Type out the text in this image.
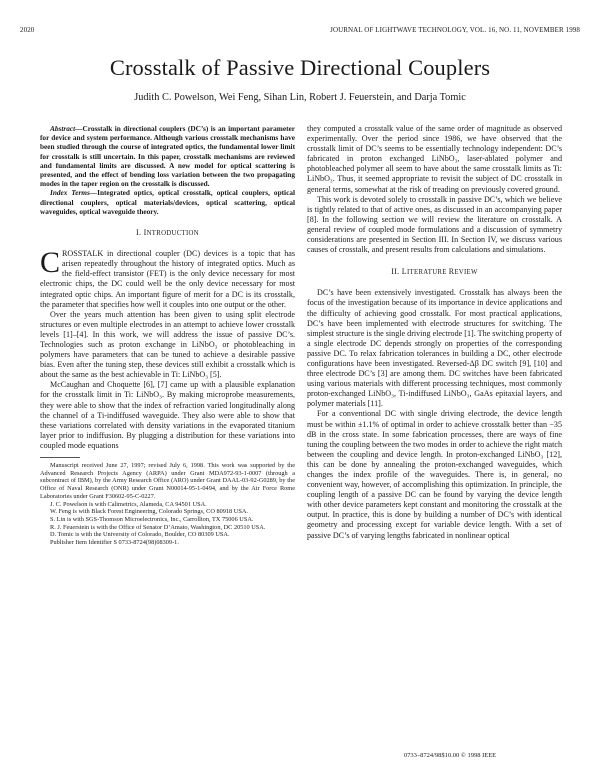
2020	JOURNAL OF LIGHTWAVE TECHNOLOGY, VOL. 16, NO. 11, NOVEMBER 1998
Crosstalk of Passive Directional Couplers
Judith C. Powelson, Wei Feng, Sihan Lin, Robert J. Feuerstein, and Darja Tomic

Abstract—Crosstalk in directional couplers (DC’s) is an important parameter for device and system performance. Although various crosstalk mechanisms have been studied through the course of integrated optics, the fundamental lower limit for crosstalk is still uncertain. In this paper, crosstalk mechanisms are reviewed and fundamental limits are discussed. A new model for optical scattering is presented, and the effect of bending loss variation between the two propagating modes in the taper region on the crosstalk is discussed.

Index Terms—Integrated optics, optical crosstalk, optical couplers, optical directional couplers, optical materials/devices, optical scattering, optical waveguides, optical waveguide theory.

I. INTRODUCTION

CROSSTALK in directional coupler (DC) devices is a topic that has arisen repeatedly throughout the history of integrated optics. Much as the field-effect transistor (FET) is the only device necessary for most electronic chips, the DC could well be the only device necessary for most integrated optic chips. An important figure of merit for a DC is its crosstalk, the parameter that specifies how well it couples into one output or the other.

Over the years much attention has been given to using split electrode structures or even multiple electrodes in an attempt to achieve lower crosstalk levels [1]–[4]. In this work, we will address the issue of passive DC’s. Technologies such as proton exchange in LiNbO₃ or photobleaching in polymers have parameters that can be tuned to achieve a desirable passive bias. Even after the tuning step, these devices still exhibit a crosstalk which is about the same as the best achievable in Ti: LiNbO₃ [5].

McCaughan and Choquette [6], [7] came up with a plausible explanation for the crosstalk limit in Ti: LiNbO₃. By making microprobe measurements, they were able to show that the index of refraction varied longitudinally along the channel of a Ti-indiffused waveguide. They also were able to show that these variations correlated with density variations in the evaporated titanium layer prior to indiffusion. By plugging a distribution for these variations into coupled mode equations

Manuscript received June 27, 1997; revised July 6, 1998. This work was supported by the Advanced Research Projects Agency (ARPA) under Grant MDA972-93-1-0007 (through a subcontract of IBM), by the Army Research Office (ARO) under Grant DAAL-03-92-G0289, by the Office of Naval Research (ONR) under Grant N00014-95-1-0494, and by the Air Force Rome Laboratories under Grant F30602-95-C-0227.

J. C. Powelson is with Calimetrics, Alameda, CA 94501 USA.

W. Feng is with Black Forest Engineering, Colorado Springs, CO 80918 USA.

S. Lin is with SGS-Thomson Microelectronics, Inc., Carrollton, TX 75006 USA.

R. J. Feuerstein is with the Office of Senator D’Amato, Washington, DC 20510 USA.

D. Tomic is with the University of Colorado, Boulder, CO 80309 USA.

Publisher Item Identifier S 0733-8724(98)08309-1.

they computed a crosstalk value of the same order of magnitude as observed experimentally. Over the period since 1986, we have observed that the crosstalk limit of DC’s seems to be essentially technology independent: DC’s fabricated in proton exchanged LiNbO₃, laser-ablated polymer and photobleached polymer all seem to have about the same crosstalk limits as Ti: LiNbO₃. Thus, it seemed appropriate to revisit the subject of DC crosstalk in general terms, somewhat at the risk of treading on previously covered ground.

This work is devoted solely to crosstalk in passive DC’s, which we believe is tightly related to that of active ones, as discussed in an accompanying paper [8]. In the following section we will review the literature on crosstalk. A general review of coupled mode formulations and a discussion of symmetry considerations are presented in Section III. In Section IV, we discuss various causes of crosstalk, and present results from calculations and simulations.

II. LITERATURE REVIEW

DC’s have been extensively investigated. Crosstalk has always been the focus of the investigation because of its importance in device applications and the difficulty of achieving good crosstalk. For most practical applications, DC’s have been implemented with electrode structures for switching. The simplest structure is the single driving electrode [1]. The switching property of a single electrode DC depends strongly on properties of the corresponding passive DC. To relax fabrication tolerances in building a DC, other electrode configurations have been investigated. Reversed-Δβ DC switch [9], [10] and three electrode DC’s [3] are among them. DC switches have been fabricated using various materials with different processing techniques, most commonly proton-exchanged LiNbO₃, Ti-indiffused LiNbO₃, GaAs epitaxial layers, and polymer materials [11].

For a conventional DC with single driving electrode, the device length must be within ±1.1% of optimal in order to achieve crosstalk better than −35 dB in the cross state. In some fabrication processes, there are ways of fine tuning the coupling between the two modes in order to achieve the right match between the coupling and device length. In proton-exchanged LiNbO₃ [12], this can be done by annealing the proton-exchanged waveguides, which changes the index profile of the waveguides. There is, in general, no convenient way, however, of accomplishing this optimization. In principle, the coupling length of a passive DC can be found by varying the device length with other device parameters kept constant and monitoring the crosstalk at the output. In practice, this is done by building a number of DC’s with identical geometry and processing except for variable device length. With a set of passive DC’s of varying lengths fabricated in nonlinear optical

0733–8724/98$10.00 © 1998 IEEE
